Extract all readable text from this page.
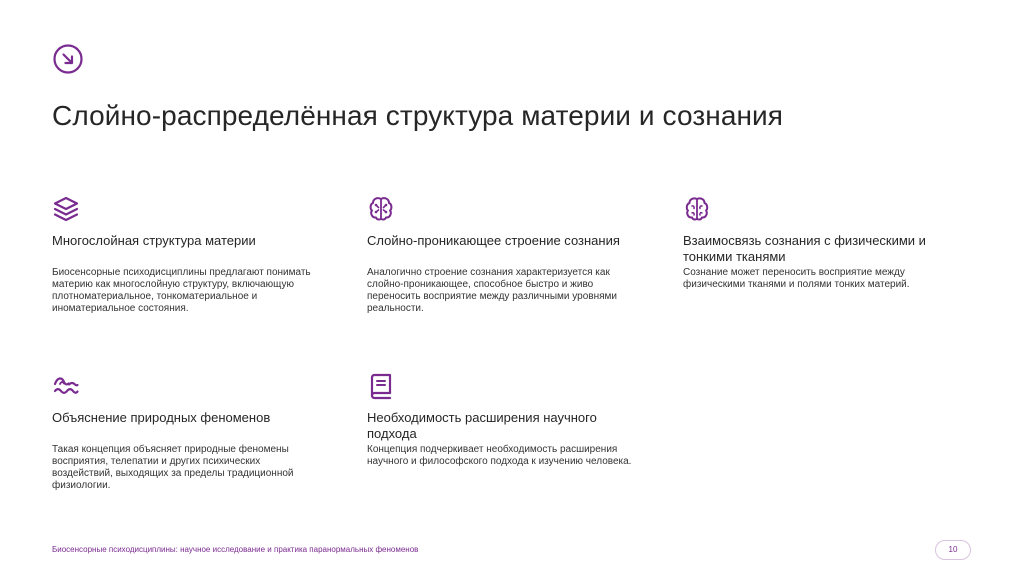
Слойно-распределённая структура материи и сознания
Многослойная структура материи
Биосенсорные психодисциплины предлагают понимать материю как многослойную структуру, включающую плотноматериальное, тонкоматериальное и иноматериальное состояния.
Слойно-проникающее строение сознания
Аналогично строение сознания характеризуется как слойно-проникающее, способное быстро и живо переносить восприятие между различными уровнями реальности.
Взаимосвязь сознания с физическими и тонкими тканями
Сознание может переносить восприятие между физическими тканями и полями тонких материй.
Объяснение природных феноменов
Такая концепция объясняет природные феномены восприятия, телепатии и других психических воздействий, выходящих за пределы традиционной физиологии.
Необходимость расширения научного подхода
Концепция подчеркивает необходимость расширения научного и философского подхода к изучению человека.
Биосенсорные психодисциплины: научное исследование и практика паранормальных феноменов	10
